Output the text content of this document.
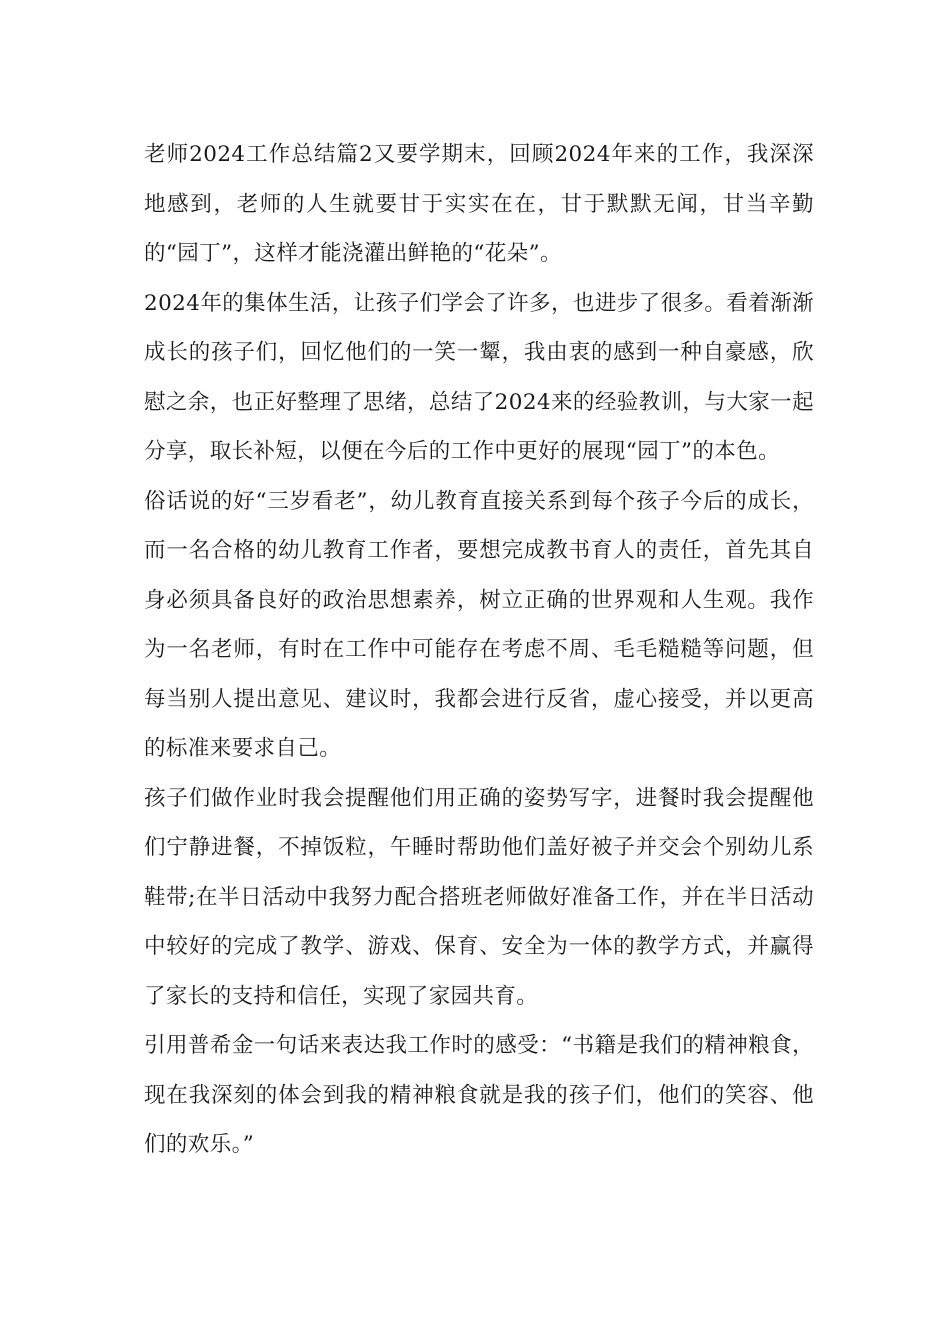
老师2024工作总结篇2又要学期末，回顾2024年来的工作，我深深地感到，老师的人生就要甘于实实在在，甘于默默无闻，甘当辛勤的“园丁”，这样才能浇灌出鲜艳的“花朵”。

2024年的集体生活，让孩子们学会了许多，也进步了很多。看着渐渐成长的孩子们，回忆他们的一笑一颦，我由衷的感到一种自豪感，欣慰之余，也正好整理了思绪，总结了2024来的经验教训，与大家一起分享，取长补短，以便在今后的工作中更好的展现“园丁”的本色。

俗话说的好“三岁看老”，幼儿教育直接关系到每个孩子今后的成长，而一名合格的幼儿教育工作者，要想完成教书育人的责任，首先其自身必须具备良好的政治思想素养，树立正确的世界观和人生观。我作为一名老师，有时在工作中可能存在考虑不周、毛毛糙糙等问题，但每当别人提出意见、建议时，我都会进行反省，虚心接受，并以更高的标准来要求自己。

孩子们做作业时我会提醒他们用正确的姿势写字，进餐时我会提醒他们宁静进餐，不掉饭粒，午睡时帮助他们盖好被子并交会个别幼儿系鞋带;在半日活动中我努力配合搭班老师做好准备工作，并在半日活动中较好的完成了教学、游戏、保育、安全为一体的教学方式，并赢得了家长的支持和信任，实现了家园共育。

引用普希金一句话来表达我工作时的感受：“书籍是我们的精神粮食，现在我深刻的体会到我的精神粮食就是我的孩子们，他们的笑容、他们的欢乐。”
